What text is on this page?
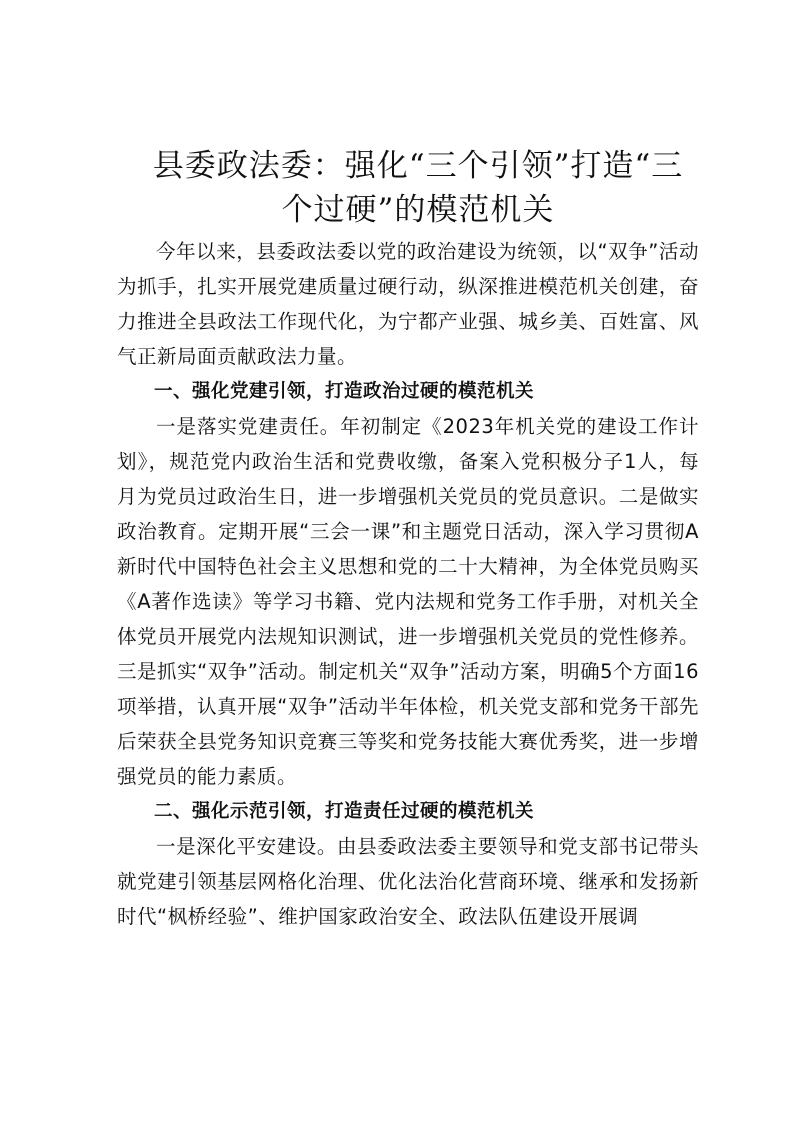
县委政法委：强化“三个引领”打造“三
个过硬”的模范机关

今年以来，县委政法委以党的政治建设为统领，以“双争”活动为抓手，扎实开展党建质量过硬行动，纵深推进模范机关创建，奋力推进全县政法工作现代化，为宁都产业强、城乡美、百姓富、风气正新局面贡献政法力量。

一、强化党建引领，打造政治过硬的模范机关

一是落实党建责任。年初制定《2023年机关党的建设工作计划》，规范党内政治生活和党费收缴，备案入党积极分子1人，每月为党员过政治生日，进一步增强机关党员的党员意识。二是做实政治教育。定期开展“三会一课”和主题党日活动，深入学习贯彻A新时代中国特色社会主义思想和党的二十大精神，为全体党员购买《A著作选读》等学习书籍、党内法规和党务工作手册，对机关全体党员开展党内法规知识测试，进一步增强机关党员的党性修养。三是抓实“双争”活动。制定机关“双争”活动方案，明确5个方面16项举措，认真开展“双争”活动半年体检，机关党支部和党务干部先后荣获全县党务知识竞赛三等奖和党务技能大赛优秀奖，进一步增强党员的能力素质。

二、强化示范引领，打造责任过硬的模范机关

一是深化平安建设。由县委政法委主要领导和党支部书记带头就党建引领基层网格化治理、优化法治化营商环境、继承和发扬新时代“枫桥经验”、维护国家政治安全、政法队伍建设开展调
